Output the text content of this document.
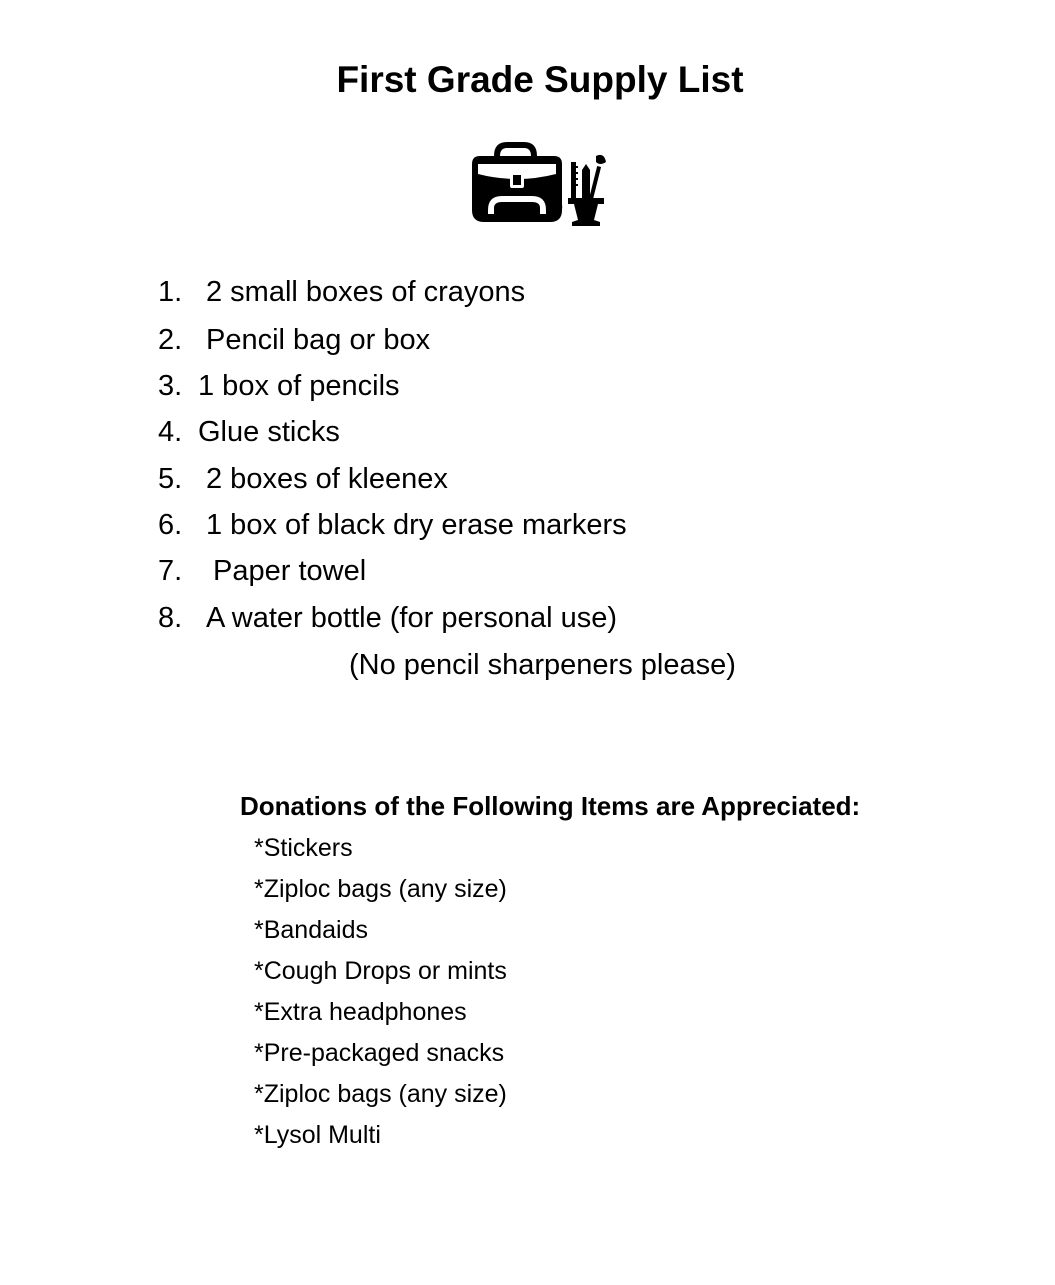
First Grade Supply List
1. 2 small boxes of crayons
2. Pencil bag or box
3. 1 box of pencils
4. Glue sticks
5. 2 boxes of kleenex
6. 1 box of black dry erase markers
7. Paper towel
8. A water bottle (for personal use)
(No pencil sharpeners please)
Donations of the Following Items are Appreciated:
*Stickers
*Ziploc bags (any size)
*Bandaids
*Cough Drops or mints
*Extra headphones
*Pre-packaged snacks
*Ziploc bags (any size)
*Lysol Multi
